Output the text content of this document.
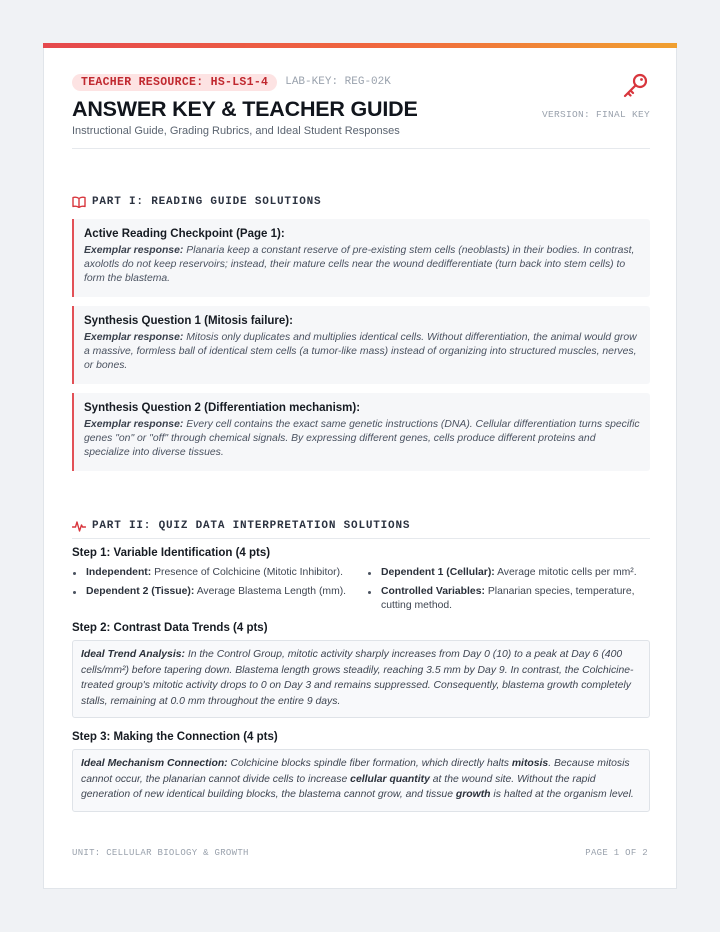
TEACHER RESOURCE: HS-LS1-4	LAB-KEY: REG-02K
ANSWER KEY & TEACHER GUIDE	VERSION: FINAL KEY
Instructional Guide, Grading Rubrics, and Ideal Student Responses
PART I: READING GUIDE SOLUTIONS
Active Reading Checkpoint (Page 1):

Exemplar response: Planaria keep a constant reserve of pre-existing stem cells (neoblasts) in their bodies. In contrast, axolotls do not keep reservoirs; instead, their mature cells near the wound dedifferentiate (turn back into stem cells) to form the blastema.

Synthesis Question 1 (Mitosis failure):

Exemplar response: Mitosis only duplicates and multiplies identical cells. Without differentiation, the animal would grow a massive, formless ball of identical stem cells (a tumor-like mass) instead of organizing into structured muscles, nerves, or bones.

Synthesis Question 2 (Differentiation mechanism):

Exemplar response: Every cell contains the exact same genetic instructions (DNA). Cellular differentiation turns specific genes "on" or "off" through chemical signals. By expressing different genes, cells produce different proteins and specialize into diverse tissues.

PART II: QUIZ DATA INTERPRETATION SOLUTIONS
Step 1: Variable Identification (4 pts)
Independent: Presence of Colchicine (Mitotic Inhibitor).	Dependent 1 (Cellular): Average mitotic cells per mm².
Dependent 2 (Tissue): Average Blastema Length (mm).	Controlled Variables: Planarian species, temperature, cutting method.
Step 2: Contrast Data Trends (4 pts)
Ideal Trend Analysis: In the Control Group, mitotic activity sharply increases from Day 0 (10) to a peak at Day 6 (400 cells/mm²) before tapering down. Blastema length grows steadily, reaching 3.5 mm by Day 9. In contrast, the Colchicine-treated group's mitotic activity drops to 0 on Day 3 and remains suppressed. Consequently, blastema growth completely stalls, remaining at 0.0 mm throughout the entire 9 days.
Step 3: Making the Connection (4 pts)
Ideal Mechanism Connection: Colchicine blocks spindle fiber formation, which directly halts mitosis. Because mitosis cannot occur, the planarian cannot divide cells to increase cellular quantity at the wound site. Without the rapid generation of new identical building blocks, the blastema cannot grow, and tissue growth is halted at the organism level.
UNIT: CELLULAR BIOLOGY & GROWTH	PAGE 1 OF 2
